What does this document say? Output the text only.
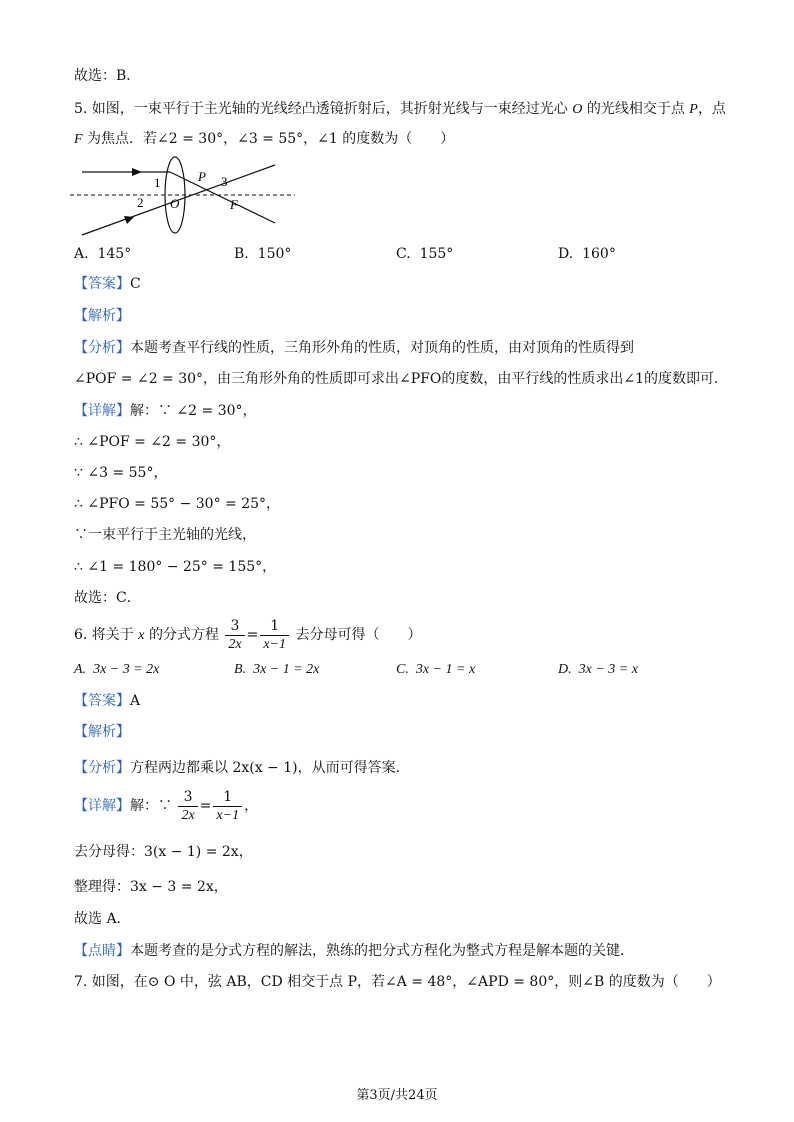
故选：B．
5. 如图，一束平行于主光轴的光线经凸透镜折射后，其折射光线与一束经过光心 O 的光线相交于点 P，点
F 为焦点．若∠2 = 30°，∠3 = 55°，∠1 的度数为（　　）
1
2
P 3
O	F
A. 145°	B. 150°	C. 155°	D. 160°
【答案】C
【解析】
【分析】本题考查平行线的性质，三角形外角的性质，对顶角的性质，由对顶角的性质得到
∠POF = ∠2 = 30°，由三角形外角的性质即可求出∠PFO的度数，由平行线的性质求出∠1的度数即可．
【详解】解：∵ ∠2 = 30°，
∴ ∠POF = ∠2 = 30°，
∵ ∠3 = 55°，
∴ ∠PFO = 55° − 30° = 25°，
∵一束平行于主光轴的光线，
∴ ∠1 = 180° − 25° = 155°，
故选：C．
6. 将关于 x 的分式方程 $\frac{3}{2x} = \frac{1}{x-1}$ 去分母可得（　　）
A. 3x − 3 = 2x	B. 3x − 1 = 2x	C. 3x − 1 = x	D. 3x − 3 = x
【答案】A
【解析】
【分析】方程两边都乘以 2x(x − 1)，从而可得答案．
【详解】解：∵ $\frac{3}{2x} = \frac{1}{x-1}$ ，
去分母得：3(x − 1) = 2x，
整理得：3x − 3 = 2x，
故选 A．
【点睛】本题考查的是分式方程的解法，熟练的把分式方程化为整式方程是解本题的关键．
7. 如图，在⊙ O 中，弦 AB，CD 相交于点 P，若∠A = 48°，∠APD = 80°，则∠B 的度数为（　　）
第3页/共24页
